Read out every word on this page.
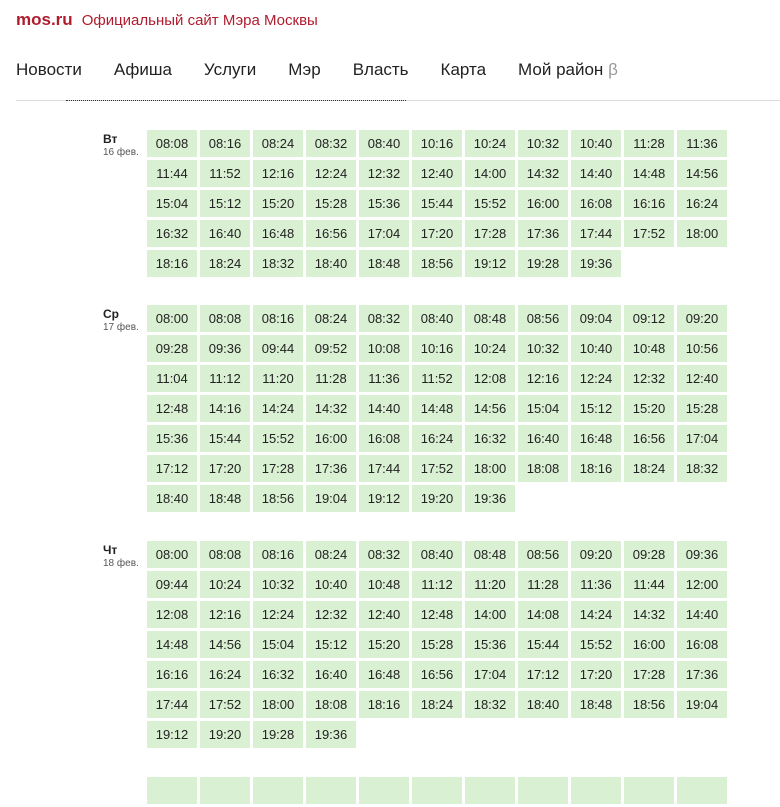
mos.ru Официальный сайт Мэра Москвы
Новости Афиша Услуги Мэр Власть Карта Мой район β
Вт
16 фев.
08:08	08:16	08:24	08:32	08:40	10:16	10:24	10:32	10:40	11:28	11:36
11:44	11:52	12:16	12:24	12:32	12:40	14:00	14:32	14:40	14:48	14:56
15:04	15:12	15:20	15:28	15:36	15:44	15:52	16:00	16:08	16:16	16:24
16:32	16:40	16:48	16:56	17:04	17:20	17:28	17:36	17:44	17:52	18:00
18:16	18:24	18:32	18:40	18:48	18:56	19:12	19:28	19:36
Ср
17 фев.
08:00	08:08	08:16	08:24	08:32	08:40	08:48	08:56	09:04	09:12	09:20
09:28	09:36	09:44	09:52	10:08	10:16	10:24	10:32	10:40	10:48	10:56
11:04	11:12	11:20	11:28	11:36	11:52	12:08	12:16	12:24	12:32	12:40
12:48	14:16	14:24	14:32	14:40	14:48	14:56	15:04	15:12	15:20	15:28
15:36	15:44	15:52	16:00	16:08	16:24	16:32	16:40	16:48	16:56	17:04
17:12	17:20	17:28	17:36	17:44	17:52	18:00	18:08	18:16	18:24	18:32
18:40	18:48	18:56	19:04	19:12	19:20	19:36
Чт
18 фев.
08:00	08:08	08:16	08:24	08:32	08:40	08:48	08:56	09:20	09:28	09:36
09:44	10:24	10:32	10:40	10:48	11:12	11:20	11:28	11:36	11:44	12:00
12:08	12:16	12:24	12:32	12:40	12:48	14:00	14:08	14:24	14:32	14:40
14:48	14:56	15:04	15:12	15:20	15:28	15:36	15:44	15:52	16:00	16:08
16:16	16:24	16:32	16:40	16:48	16:56	17:04	17:12	17:20	17:28	17:36
17:44	17:52	18:00	18:08	18:16	18:24	18:32	18:40	18:48	18:56	19:04
19:12	19:20	19:28	19:36
